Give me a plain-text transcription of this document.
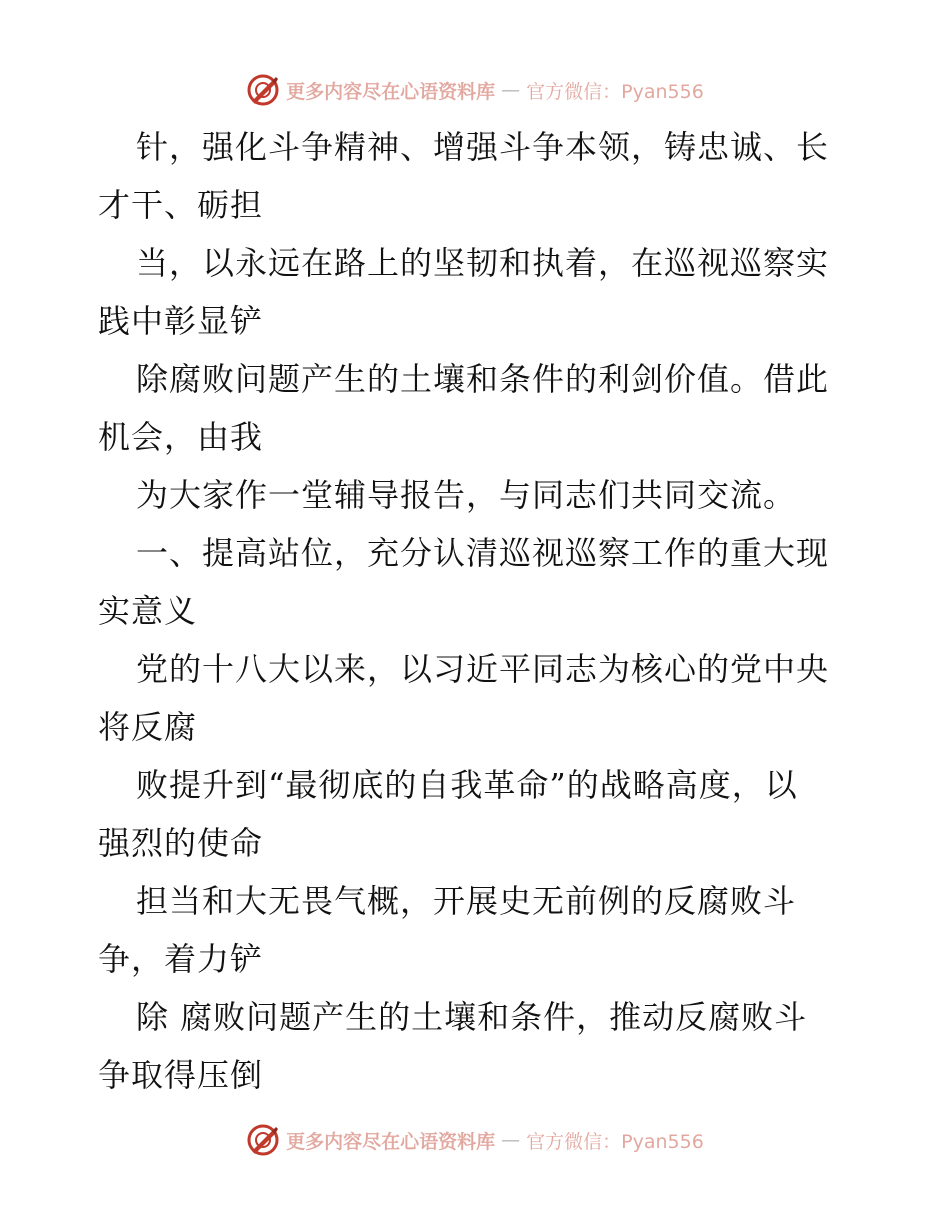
更多内容尽在心语资料库 — 官方微信：Pyan556
针，强化斗争精神、增强斗争本领，铸忠诚、长
才干、砺担
当，以永远在路上的坚韧和执着，在巡视巡察实
践中彰显铲
除腐败问题产生的土壤和条件的利剑价值。借此
机会，由我
为大家作一堂辅导报告，与同志们共同交流。
一、提高站位，充分认清巡视巡察工作的重大现
实意义
党的十八大以来，以习近平同志为核心的党中央
将反腐
败提升到“最彻底的自我革命”的战略高度，以
强烈的使命
担当和大无畏气概，开展史无前例的反腐败斗
争，着力铲
除 腐败问题产生的土壤和条件，推动反腐败斗
争取得压倒
更多内容尽在心语资料库 — 官方微信：Pyan556
